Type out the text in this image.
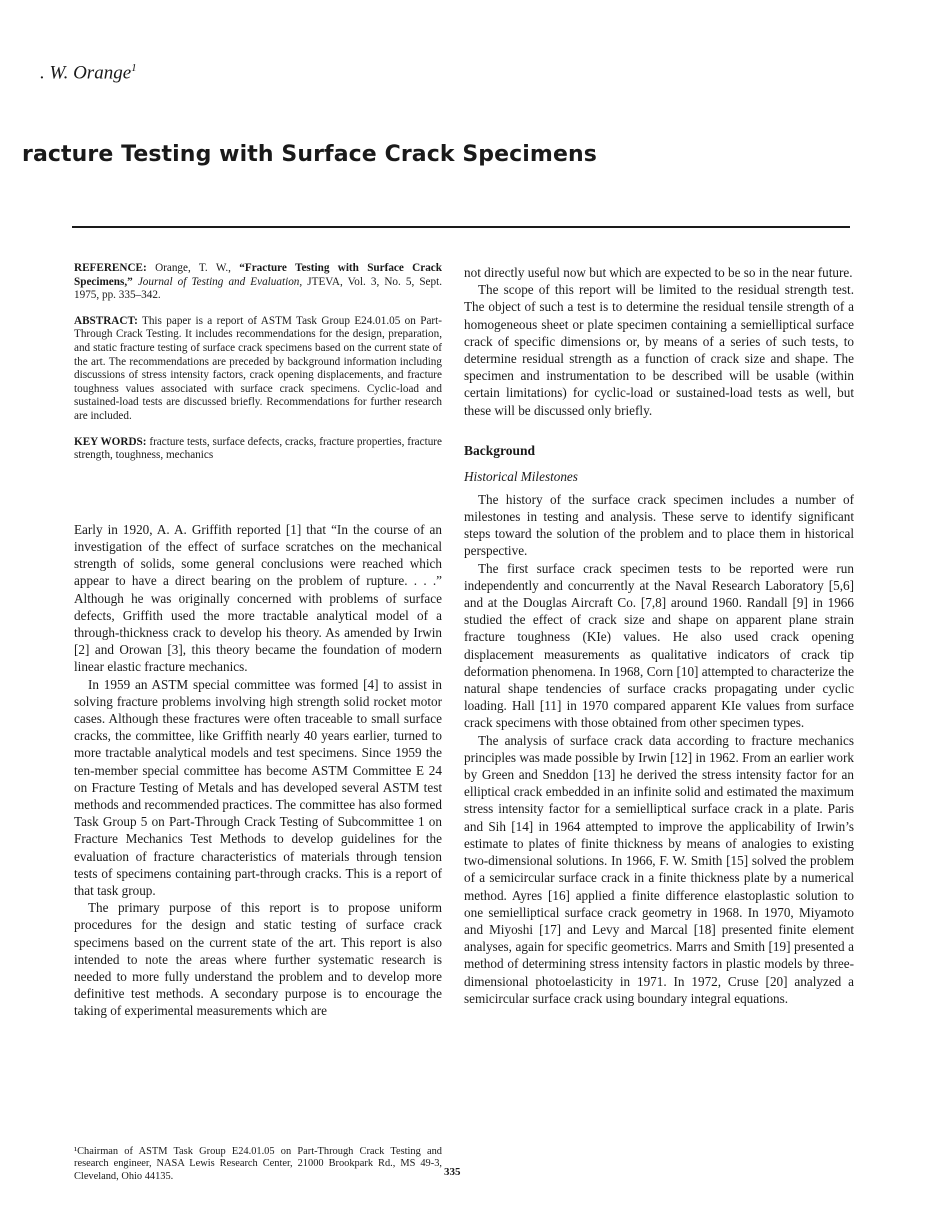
. W. Orange$^1$
racture Testing with Surface Crack Specimens

REFERENCE: Orange, T. W., “Fracture Testing with Surface Crack Specimens,” Journal of Testing and Evaluation, JTEVA, Vol. 3, No. 5, Sept. 1975, pp. 335–342.

ABSTRACT: This paper is a report of ASTM Task Group E24.01.05 on Part-Through Crack Testing. It includes recommendations for the design, preparation, and static fracture testing of surface crack specimens based on the current state of the art. The recommendations are preceded by background information including discussions of stress intensity factors, crack opening displacements, and fracture toughness values associated with surface crack specimens. Cyclic-load and sustained-load tests are discussed briefly. Recommendations for further research are included.

KEY WORDS: fracture tests, surface defects, cracks, fracture properties, fracture strength, toughness, mechanics

Early in 1920, A. A. Griffith reported [1] that “In the course of an investigation of the effect of surface scratches on the mechanical strength of solids, some general conclusions were reached which appear to have a direct bearing on the problem of rupture. . . .” Although he was originally concerned with problems of surface defects, Griffith used the more tractable analytical model of a through-thickness crack to develop his theory. As amended by Irwin [2] and Orowan [3], this theory became the foundation of modern linear elastic fracture mechanics.

In 1959 an ASTM special committee was formed [4] to assist in solving fracture problems involving high strength solid rocket motor cases. Although these fractures were often traceable to small surface cracks, the committee, like Griffith nearly 40 years earlier, turned to more tractable analytical models and test specimens. Since 1959 the ten-member special committee has become ASTM Committee E 24 on Fracture Testing of Metals and has developed several ASTM test methods and recommended practices. The committee has also formed Task Group 5 on Part-Through Crack Testing of Subcommittee 1 on Fracture Mechanics Test Methods to develop guidelines for the evaluation of fracture characteristics of materials through tension tests of specimens containing part-through cracks. This is a report of that task group.

The primary purpose of this report is to propose uniform procedures for the design and static testing of surface crack specimens based on the current state of the art. This report is also intended to note the areas where further systematic research is needed to more fully understand the problem and to develop more definitive test methods. A secondary purpose is to encourage the taking of experimental measurements which are

¹Chairman of ASTM Task Group E24.01.05 on Part-Through Crack Testing and research engineer, NASA Lewis Research Center, 21000 Brookpark Rd., MS 49-3, Cleveland, Ohio 44135.

not directly useful now but which are expected to be so in the near future.

The scope of this report will be limited to the residual strength test. The object of such a test is to determine the residual tensile strength of a homogeneous sheet or plate specimen containing a semielliptical surface crack of specific dimensions or, by means of a series of such tests, to determine residual strength as a function of crack size and shape. The specimen and instrumentation to be described will be usable (within certain limitations) for cyclic-load or sustained-load tests as well, but these will be discussed only briefly.

Background
Historical Milestones

The history of the surface crack specimen includes a number of milestones in testing and analysis. These serve to identify significant steps toward the solution of the problem and to place them in historical perspective.

The first surface crack specimen tests to be reported were run independently and concurrently at the Naval Research Laboratory [5,6] and at the Douglas Aircraft Co. [7,8] around 1960. Randall [9] in 1966 studied the effect of crack size and shape on apparent plane strain fracture toughness (KIe) values. He also used crack opening displacement measurements as qualitative indicators of crack tip deformation phenomena. In 1968, Corn [10] attempted to characterize the natural shape tendencies of surface cracks propagating under cyclic loading. Hall [11] in 1970 compared apparent KIe values from surface crack specimens with those obtained from other specimen types.

The analysis of surface crack data according to fracture mechanics principles was made possible by Irwin [12] in 1962. From an earlier work by Green and Sneddon [13] he derived the stress intensity factor for an elliptical crack embedded in an infinite solid and estimated the maximum stress intensity factor for a semielliptical surface crack in a plate. Paris and Sih [14] in 1964 attempted to improve the applicability of Irwin’s estimate to plates of finite thickness by means of analogies to existing two-dimensional solutions. In 1966, F. W. Smith [15] solved the problem of a semicircular surface crack in a finite thickness plate by a numerical method. Ayres [16] applied a finite difference elastoplastic solution to one semielliptical surface crack geometry in 1968. In 1970, Miyamoto and Miyoshi [17] and Levy and Marcal [18] presented finite element analyses, again for specific geometrics. Marrs and Smith [19] presented a method of determining stress intensity factors in plastic models by three-dimensional photoelasticity in 1971. In 1972, Cruse [20] analyzed a semicircular surface crack using boundary integral equations.

335
